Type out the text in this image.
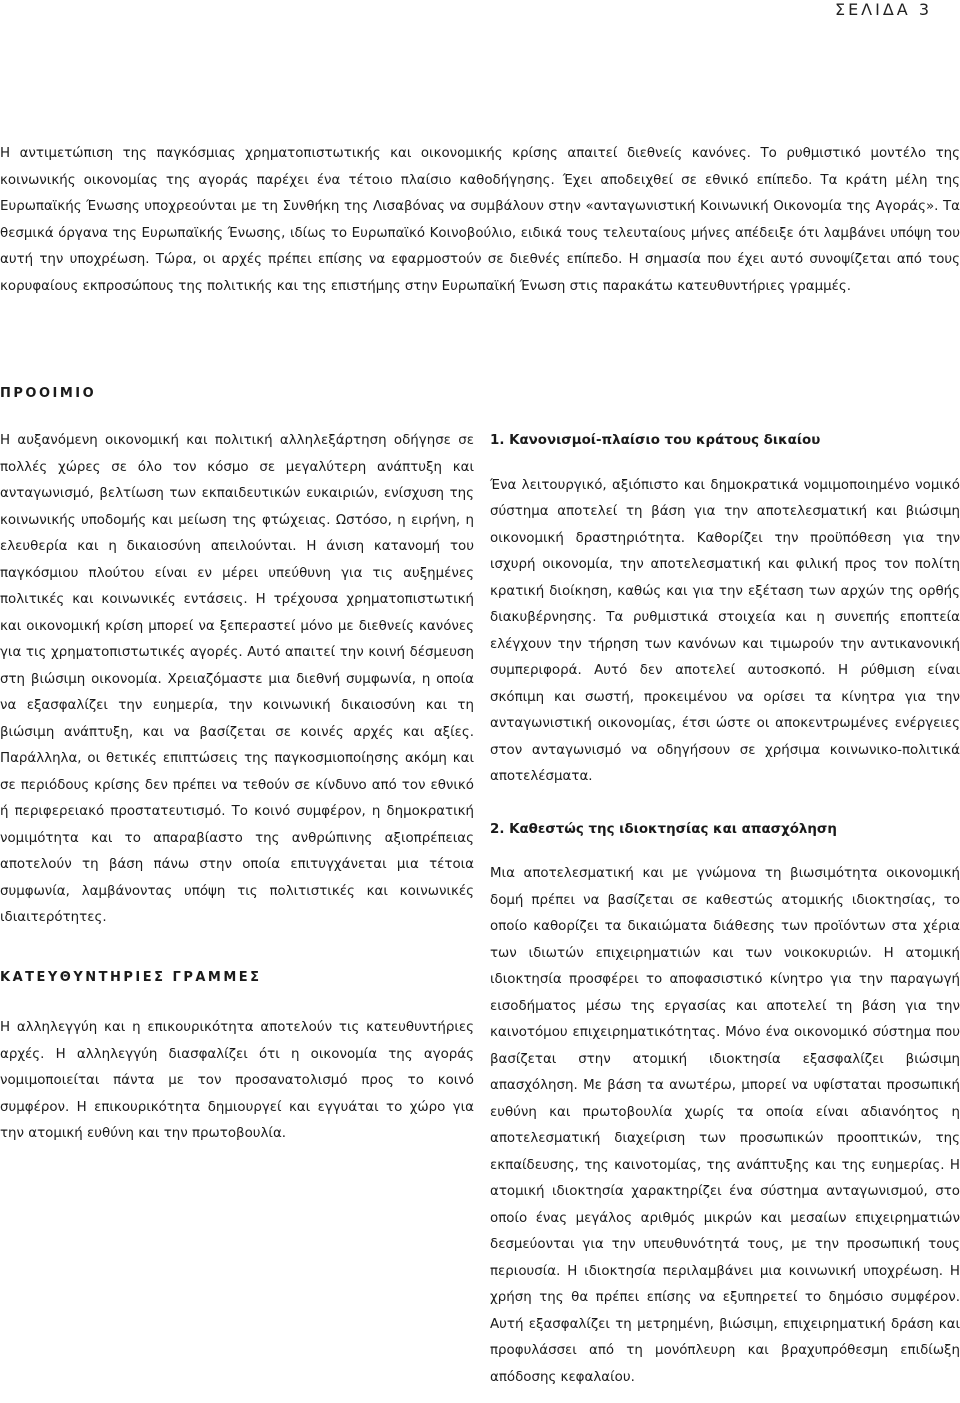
ΣΕΛΙΔΑ 3

Η αντιμετώπιση της παγκόσμιας χρηματοπιστωτικής και οικονομικής κρίσης απαιτεί διεθνείς κανόνες. Το ρυθμιστικό μοντέλο της κοινωνικής οικονομίας της αγοράς παρέχει ένα τέτοιο πλαίσιο καθοδήγησης. Έχει αποδειχθεί σε εθνικό επίπεδο. Τα κράτη μέλη της Ευρωπαϊκής Ένωσης υποχρεούνται με τη Συνθήκη της Λισαβόνας να συμβάλουν στην «ανταγωνιστική Κοινωνική Οικονομία της Αγοράς». Τα θεσμικά όργανα της Ευρωπαϊκής Ένωσης, ιδίως το Ευρωπαϊκό Κοινοβούλιο, ειδικά τους τελευταίους μήνες απέδειξε ότι λαμβάνει υπόψη του αυτή την υποχρέωση. Τώρα, οι αρχές πρέπει επίσης να εφαρμοστούν σε διεθνές επίπεδο. Η σημασία που έχει αυτό συνοψίζεται από τους κορυφαίους εκπροσώπους της πολιτικής και της επιστήμης στην Ευρωπαϊκή Ένωση στις παρακάτω κατευθυντήριες γραμμές.

ΠΡΟΟΙΜΙΟ

Η αυξανόμενη οικονομική και πολιτική αλληλεξάρτηση οδήγησε σε πολλές χώρες σε όλο τον κόσμο σε μεγαλύτερη ανάπτυξη και ανταγωνισμό, βελτίωση των εκπαιδευτικών ευκαιριών, ενίσχυση της κοινωνικής υποδομής και μείωση της φτώχειας. Ωστόσο, η ειρήνη, η ελευθερία και η δικαιοσύνη απειλούνται. Η άνιση κατανομή του παγκόσμιου πλούτου είναι εν μέρει υπεύθυνη για τις αυξημένες πολιτικές και κοινωνικές εντάσεις. Η τρέχουσα χρηματοπιστωτική και οικονομική κρίση μπορεί να ξεπεραστεί μόνο με διεθνείς κανόνες για τις χρηματοπιστωτικές αγορές. Αυτό απαιτεί την κοινή δέσμευση στη βιώσιμη οικονομία. Χρειαζόμαστε μια διεθνή συμφωνία, η οποία να εξασφαλίζει την ευημερία, την κοινωνική δικαιοσύνη και τη βιώσιμη ανάπτυξη, και να βασίζεται σε κοινές αρχές και αξίες. Παράλληλα, οι θετικές επιπτώσεις της παγκοσμιοποίησης ακόμη και σε περιόδους κρίσης δεν πρέπει να τεθούν σε κίνδυνο από τον εθνικό ή περιφερειακό προστατευτισμό. Το κοινό συμφέρον, η δημοκρατική νομιμότητα και το απαραβίαστο της ανθρώπινης αξιοπρέπειας αποτελούν τη βάση πάνω στην οποία επιτυγχάνεται μια τέτοια συμφωνία, λαμβάνοντας υπόψη τις πολιτιστικές και κοινωνικές ιδιαιτερότητες.

ΚΑΤΕΥΘΥΝΤΗΡΙΕΣ ΓΡΑΜΜΕΣ

Η αλληλεγγύη και η επικουρικότητα αποτελούν τις κατευθυντήριες αρχές. Η αλληλεγγύη διασφαλίζει ότι η οικονομία της αγοράς νομιμοποιείται πάντα με τον προσανατολισμό προς το κοινό συμφέρον. Η επικουρικότητα δημιουργεί και εγγυάται το χώρο για την ατομική ευθύνη και την πρωτοβουλία.

1. Κανονισμοί-πλαίσιο του κράτους δικαίου

Ένα λειτουργικό, αξιόπιστο και δημοκρατικά νομιμοποιημένο νομικό σύστημα αποτελεί τη βάση για την αποτελεσματική και βιώσιμη οικονομική δραστηριότητα. Καθορίζει την προϋπόθεση για την ισχυρή οικονομία, την αποτελεσματική και φιλική προς τον πολίτη κρατική διοίκηση, καθώς και για την εξέταση των αρχών της ορθής διακυβέρνησης. Τα ρυθμιστικά στοιχεία και η συνεπής εποπτεία ελέγχουν την τήρηση των κανόνων και τιμωρούν την αντικανονική συμπεριφορά. Αυτό δεν αποτελεί αυτοσκοπό. Η ρύθμιση είναι σκόπιμη και σωστή, προκειμένου να ορίσει τα κίνητρα για την ανταγωνιστική οικονομίας, έτσι ώστε οι αποκεντρωμένες ενέργειες στον ανταγωνισμό να οδηγήσουν σε χρήσιμα κοινωνικο-πολιτικά αποτελέσματα.

2. Καθεστώς της ιδιοκτησίας και απασχόληση

Μια αποτελεσματική και με γνώμονα τη βιωσιμότητα οικονομική δομή πρέπει να βασίζεται σε καθεστώς ατομικής ιδιοκτησίας, το οποίο καθορίζει τα δικαιώματα διάθεσης των προϊόντων στα χέρια των ιδιωτών επιχειρηματιών και των νοικοκυριών. Η ατομική ιδιοκτησία προσφέρει το αποφασιστικό κίνητρο για την παραγωγή εισοδήματος μέσω της εργασίας και αποτελεί τη βάση για την καινοτόμου επιχειρηματικότητας. Μόνο ένα οικονομικό σύστημα που βασίζεται στην ατομική ιδιοκτησία εξασφαλίζει βιώσιμη απασχόληση. Με βάση τα ανωτέρω, μπορεί να υφίσταται προσωπική ευθύνη και πρωτοβουλία χωρίς τα οποία είναι αδιανόητος η αποτελεσματική διαχείριση των προσωπικών προοπτικών, της εκπαίδευσης, της καινοτομίας, της ανάπτυξης και της ευημερίας. Η ατομική ιδιοκτησία χαρακτηρίζει ένα σύστημα ανταγωνισμού, στο οποίο ένας μεγάλος αριθμός μικρών και μεσαίων επιχειρηματιών δεσμεύονται για την υπευθυνότητά τους, με την προσωπική τους περιουσία. Η ιδιοκτησία περιλαμβάνει μια κοινωνική υποχρέωση. Η χρήση της θα πρέπει επίσης να εξυπηρετεί το δημόσιο συμφέρον. Αυτή εξασφαλίζει τη μετρημένη, βιώσιμη, επιχειρηματική δράση και προφυλάσσει από τη μονόπλευρη και βραχυπρόθεσμη επιδίωξη απόδοσης κεφαλαίου.
